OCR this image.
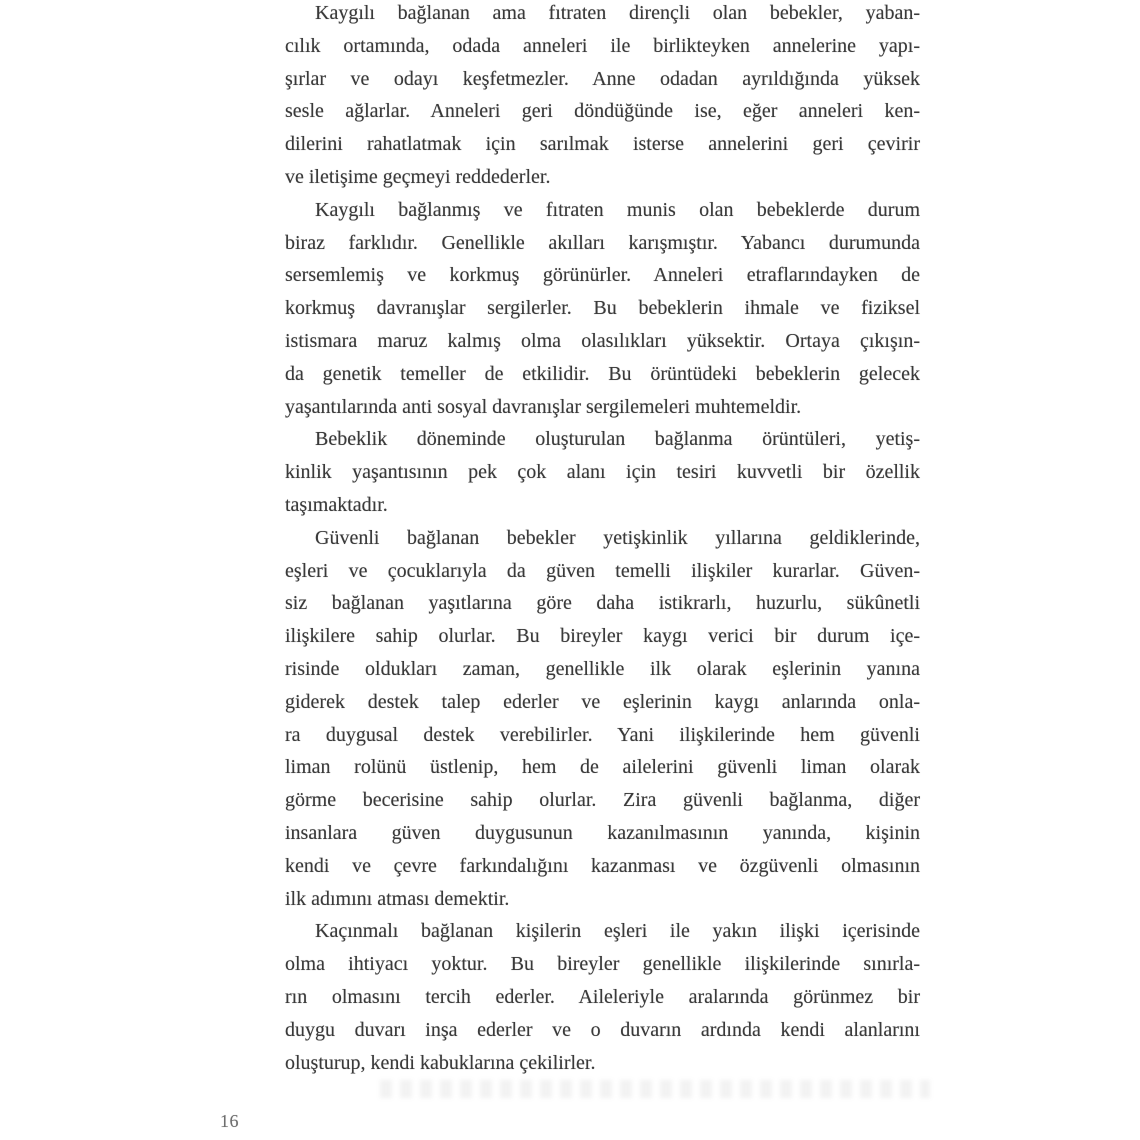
Kaygılı bağlanan ama fıtraten dirençli olan bebekler, yaban-
cılık ortamında, odada anneleri ile birlikteyken annelerine yapı-
şırlar ve odayı keşfetmezler. Anne odadan ayrıldığında yüksek
sesle ağlarlar. Anneleri geri döndüğünde ise, eğer anneleri ken-
dilerini rahatlatmak için sarılmak isterse annelerini geri çevirir
ve iletişime geçmeyi reddederler.

Kaygılı bağlanmış ve fıtraten munis olan bebeklerde durum
biraz farklıdır. Genellikle akılları karışmıştır. Yabancı durumunda
sersemlemiş ve korkmuş görünürler. Anneleri etraflarındayken de
korkmuş davranışlar sergilerler. Bu bebeklerin ihmale ve fiziksel
istismara maruz kalmış olma olasılıkları yüksektir. Ortaya çıkışın-
da genetik temeller de etkilidir. Bu örüntüdeki bebeklerin gelecek
yaşantılarında anti sosyal davranışlar sergilemeleri muhtemeldir.

Bebeklik döneminde oluşturulan bağlanma örüntüleri, yetiş-
kinlik yaşantısının pek çok alanı için tesiri kuvvetli bir özellik
taşımaktadır.

Güvenli bağlanan bebekler yetişkinlik yıllarına geldiklerinde,
eşleri ve çocuklarıyla da güven temelli ilişkiler kurarlar. Güven-
siz bağlanan yaşıtlarına göre daha istikrarlı, huzurlu, sükûnetli
ilişkilere sahip olurlar. Bu bireyler kaygı verici bir durum içe-
risinde oldukları zaman, genellikle ilk olarak eşlerinin yanına
giderek destek talep ederler ve eşlerinin kaygı anlarında onla-
ra duygusal destek verebilirler. Yani ilişkilerinde hem güvenli
liman rolünü üstlenip, hem de ailelerini güvenli liman olarak
görme becerisine sahip olurlar. Zira güvenli bağlanma, diğer
insanlara güven duygusunun kazanılmasının yanında, kişinin
kendi ve çevre farkındalığını kazanması ve özgüvenli olmasının
ilk adımını atması demektir.

Kaçınmalı bağlanan kişilerin eşleri ile yakın ilişki içerisinde
olma ihtiyacı yoktur. Bu bireyler genellikle ilişkilerinde sınırla-
rın olmasını tercih ederler. Aileleriyle aralarında görünmez bir
duygu duvarı inşa ederler ve o duvarın ardında kendi alanlarını
oluşturup, kendi kabuklarına çekilirler.

16
